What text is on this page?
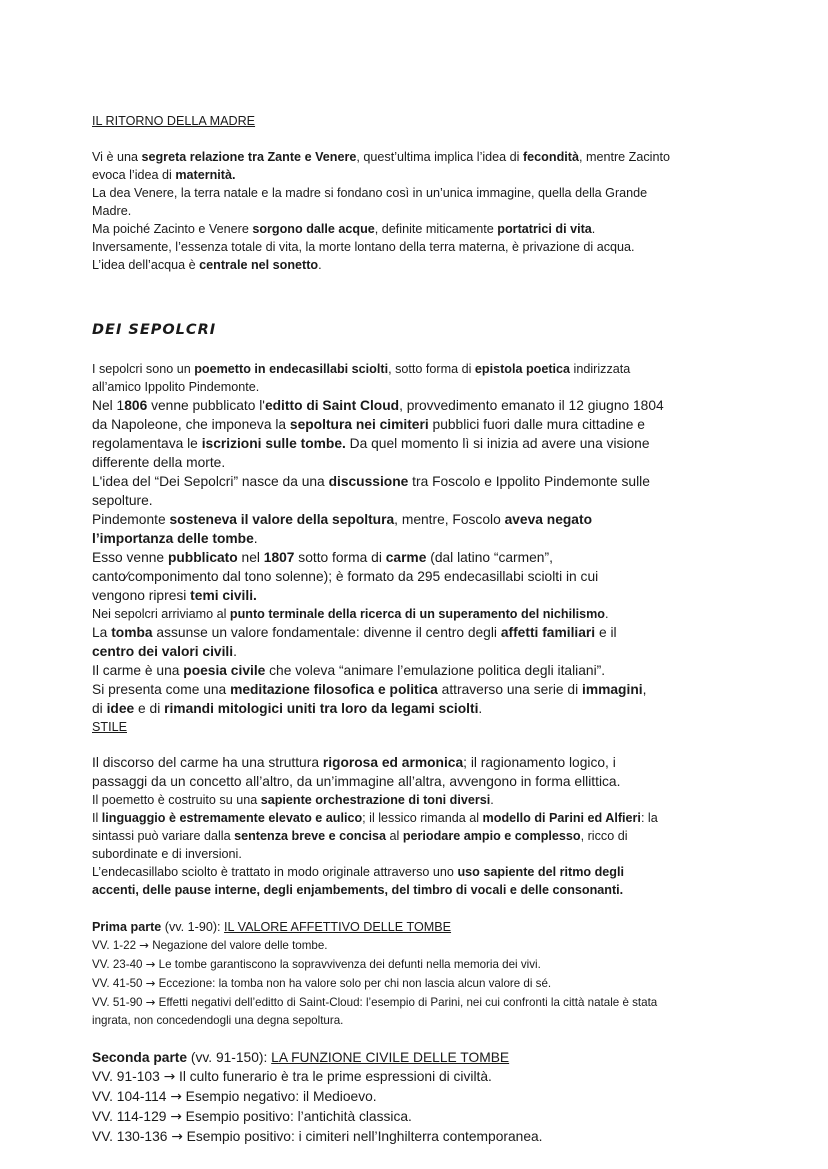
IL RITORNO DELLA MADRE
Vi è una segreta relazione tra Zante e Venere, quest’ultima implica l’idea di fecondità, mentre Zacinto
evoca l’idea di maternità.
La dea Venere, la terra natale e la madre si fondano così in un’unica immagine, quella della Grande
Madre.
Ma poiché Zacinto e Venere sorgono dalle acque, definite miticamente portatrici di vita.
Inversamente, l’essenza totale di vita, la morte lontano della terra materna, è privazione di acqua.
L’idea dell’acqua è centrale nel sonetto.
DEI SEPOLCRI
I sepolcri sono un poemetto in endecasillabi sciolti, sotto forma di epistola poetica indirizzata
all’amico Ippolito Pindemonte.
Nel 1806 venne pubblicato l'editto di Saint Cloud, provvedimento emanato il 12 giugno 1804
da Napoleone, che imponeva la sepoltura nei cimiteri pubblici fuori dalle mura cittadine e
regolamentava le iscrizioni sulle tombe. Da quel momento lì si inizia ad avere una visione
differente della morte.
L'idea del “Dei Sepolcri” nasce da una discussione tra Foscolo e Ippolito Pindemonte sulle
sepolture.
Pindemonte sosteneva il valore della sepoltura, mentre, Foscolo aveva negato
l’importanza delle tombe.
Esso venne pubblicato nel 1807 sotto forma di carme (dal latino “carmen”,
canto∕componimento dal tono solenne); è formato da 295 endecasillabi sciolti in cui
vengono ripresi temi civili.
Nei sepolcri arriviamo al punto terminale della ricerca di un superamento del nichilismo.
La tomba assunse un valore fondamentale: divenne il centro degli affetti familiari e il
centro dei valori civili.
Il carme è una poesia civile che voleva “animare l’emulazione politica degli italiani”.
Si presenta come una meditazione filosofica e politica attraverso una serie di immagini,
di idee e di rimandi mitologici uniti tra loro da legami sciolti.
STILE
Il discorso del carme ha una struttura rigorosa ed armonica; il ragionamento logico, i
passaggi da un concetto all’altro, da un’immagine all’altra, avvengono in forma ellittica.
Il poemetto è costruito su una sapiente orchestrazione di toni diversi.
Il linguaggio è estremamente elevato e aulico; il lessico rimanda al modello di Parini ed Alfieri: la
sintassi può variare dalla sentenza breve e concisa al periodare ampio e complesso, ricco di
subordinate e di inversioni.
L’endecasillabo sciolto è trattato in modo originale attraverso uno uso sapiente del ritmo degli
accenti, delle pause interne, degli enjambements, del timbro di vocali e delle consonanti.
Prima parte (vv. 1-90): IL VALORE AFFETTIVO DELLE TOMBE
VV. 1-22 → Negazione del valore delle tombe.
VV. 23-40 → Le tombe garantiscono la sopravvivenza dei defunti nella memoria dei vivi.
VV. 41-50 → Eccezione: la tomba non ha valore solo per chi non lascia alcun valore di sé.
VV. 51-90 → Effetti negativi dell’editto di Saint-Cloud: l’esempio di Parini, nei cui confronti la città natale è stata
ingrata, non concedendogli una degna sepoltura.
Seconda parte (vv. 91-150): LA FUNZIONE CIVILE DELLE TOMBE
VV. 91-103 → Il culto funerario è tra le prime espressioni di civiltà.
VV. 104-114 → Esempio negativo: il Medioevo.
VV. 114-129 → Esempio positivo: l’antichità classica.
VV. 130-136 → Esempio positivo: i cimiteri nell’Inghilterra contemporanea.
